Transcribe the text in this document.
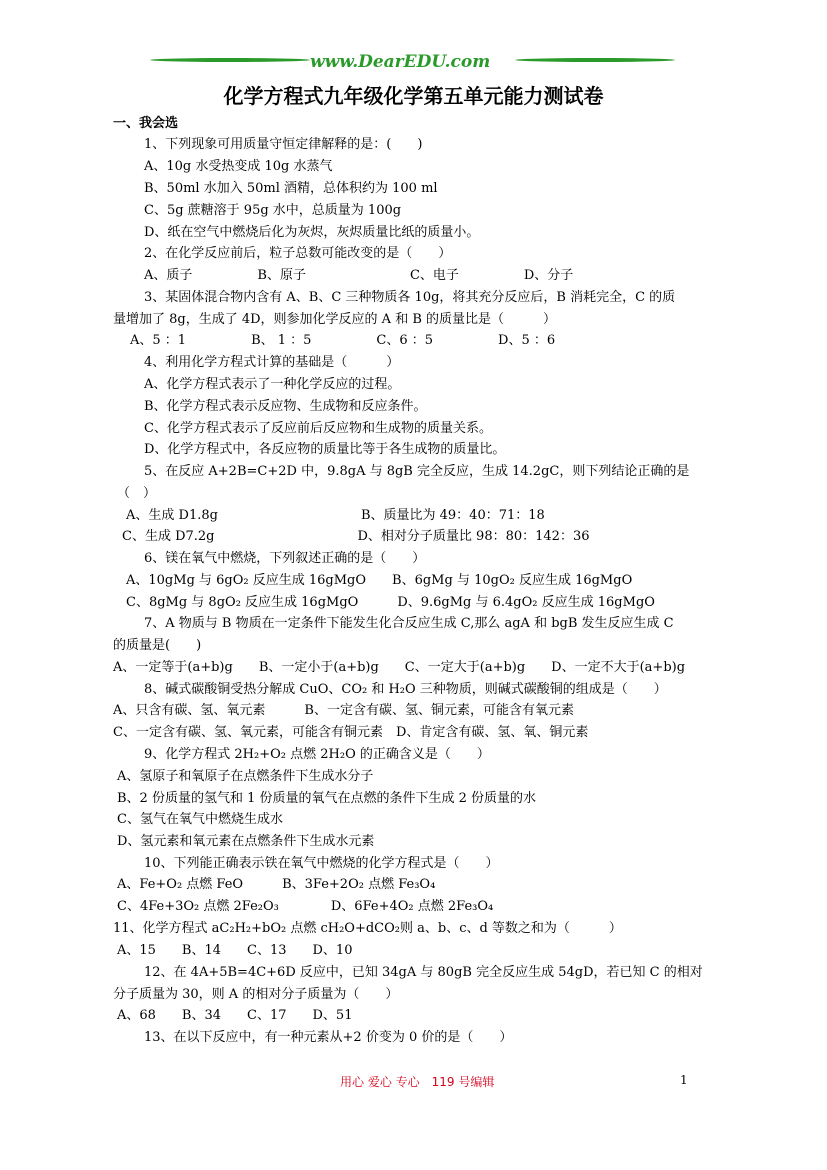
www.DearEDU.com
化学方程式九年级化学第五单元能力测试卷
一、我会选
1、下列现象可用质量守恒定律解释的是：(　　)
A、10g 水受热变成 10g 水蒸气
B、50ml 水加入 50ml 酒精，总体积约为 100 ml
C、5g 蔗糖溶于 95g 水中，总质量为 100g
D、纸在空气中燃烧后化为灰烬，灰烬质量比纸的质量小。
2、在化学反应前后，粒子总数可能改变的是（　　）
A、质子　　　　　B、原子　　　　　　　　C、电子　　　　　D、分子
3、某固体混合物内含有 A、B、C 三种物质各 10g，将其充分反应后，B 消耗完全，C 的质
量增加了 8g，生成了 4D，则参加化学反应的 A 和 B 的质量比是（　　　）
A、5 ：1　　　　　B、 1 ：5　　　　　C、6 ：5　　　　　D、5 ：6
4、利用化学方程式计算的基础是（　　　）
A、化学方程式表示了一种化学反应的过程。
B、化学方程式表示反应物、生成物和反应条件。
C、化学方程式表示了反应前后反应物和生成物的质量关系。
D、化学方程式中，各反应物的质量比等于各生成物的质量比。
5、在反应 A+2B=C+2D 中，9.8gA 与 8gB 完全反应，生成 14.2gC，则下列结论正确的是
（　）
A、生成 D1.8g　　　　　　　　　　　B、质量比为 49：40：71：18
C、生成 D7.2g　　　　　　　　　　　D、相对分子质量比 98：80：142：36
6、镁在氧气中燃烧，下列叙述正确的是（　　）
A、10gMg 与 6gO₂ 反应生成 16gMgO　　B、6gMg 与 10gO₂ 反应生成 16gMgO
C、8gMg 与 8gO₂ 反应生成 16gMgO　　　D、9.6gMg 与 6.4gO₂ 反应生成 16gMgO
7、A 物质与 B 物质在一定条件下能发生化合反应生成 C,那么 agA 和 bgB 发生反应生成 C
的质量是(　　)
A、一定等于(a+b)g　　B、一定小于(a+b)g　　C、一定大于(a+b)g　　D、一定不大于(a+b)g
8、碱式碳酸铜受热分解成 CuO、CO₂ 和 H₂O 三种物质，则碱式碳酸铜的组成是（　　）
A、只含有碳、氢、氧元素　　　B、一定含有碳、氢、铜元素，可能含有氧元素
C、一定含有碳、氢、氧元素，可能含有铜元素　D、肯定含有碳、氢、氧、铜元素
9、化学方程式 2H₂+O₂ 点燃 2H₂O 的正确含义是（　　）
A、氢原子和氧原子在点燃条件下生成水分子
B、2 份质量的氢气和 1 份质量的氧气在点燃的条件下生成 2 份质量的水
C、氢气在氧气中燃烧生成水
D、氢元素和氧元素在点燃条件下生成水元素
10、下列能正确表示铁在氧气中燃烧的化学方程式是（　　）
A、Fe+O₂ 点燃 FeO　　　B、3Fe+2O₂ 点燃 Fe₃O₄
C、4Fe+3O₂ 点燃 2Fe₂O₃　　　　D、6Fe+4O₂ 点燃 2Fe₃O₄
11、化学方程式 aC₂H₂+bO₂ 点燃 cH₂O+dCO₂则 a、b、c、d 等数之和为（　　　）
A、15　　B、14　　C、13　　D、10
12、在 4A+5B=4C+6D 反应中，已知 34gA 与 80gB 完全反应生成 54gD，若已知 C 的相对
分子质量为 30，则 A 的相对分子质量为（　　）
A、68　　B、34　　C、17　　D、51
13、在以下反应中，有一种元素从+2 价变为 0 价的是（　　）
用心 爱心 专心　119 号编辑	1
